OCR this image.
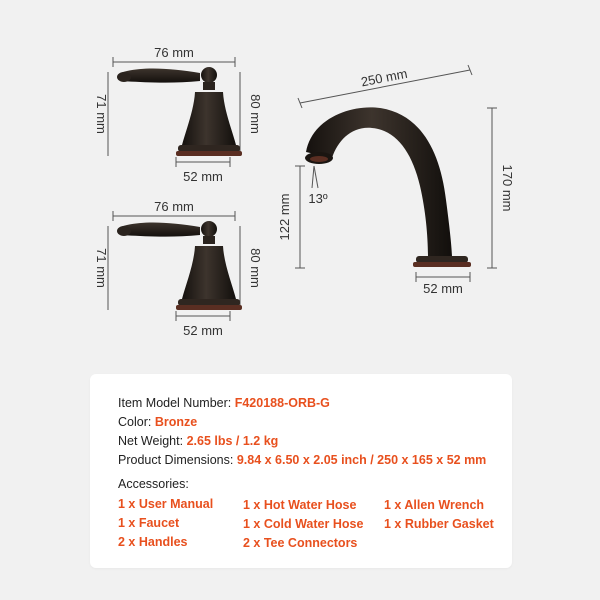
76 mm
71 mm	80 mm
52 mm
76 mm
71 mm	80 mm
52 mm
250 mm
170 mm
122 mm 13º
52 mm
Item Model Number: F420188-ORB-G
Color: Bronze
Net Weight: 2.65 lbs / 1.2 kg
Product Dimensions: 9.84 x 6.50 x 2.05 inch / 250 x 165 x 52 mm
Accessories:
1 x User Manual
1 x Faucet
2 x Handles
1 x Hot Water Hose
1 x Cold Water Hose
2 x Tee Connectors
1 x Allen Wrench
1 x Rubber Gasket
